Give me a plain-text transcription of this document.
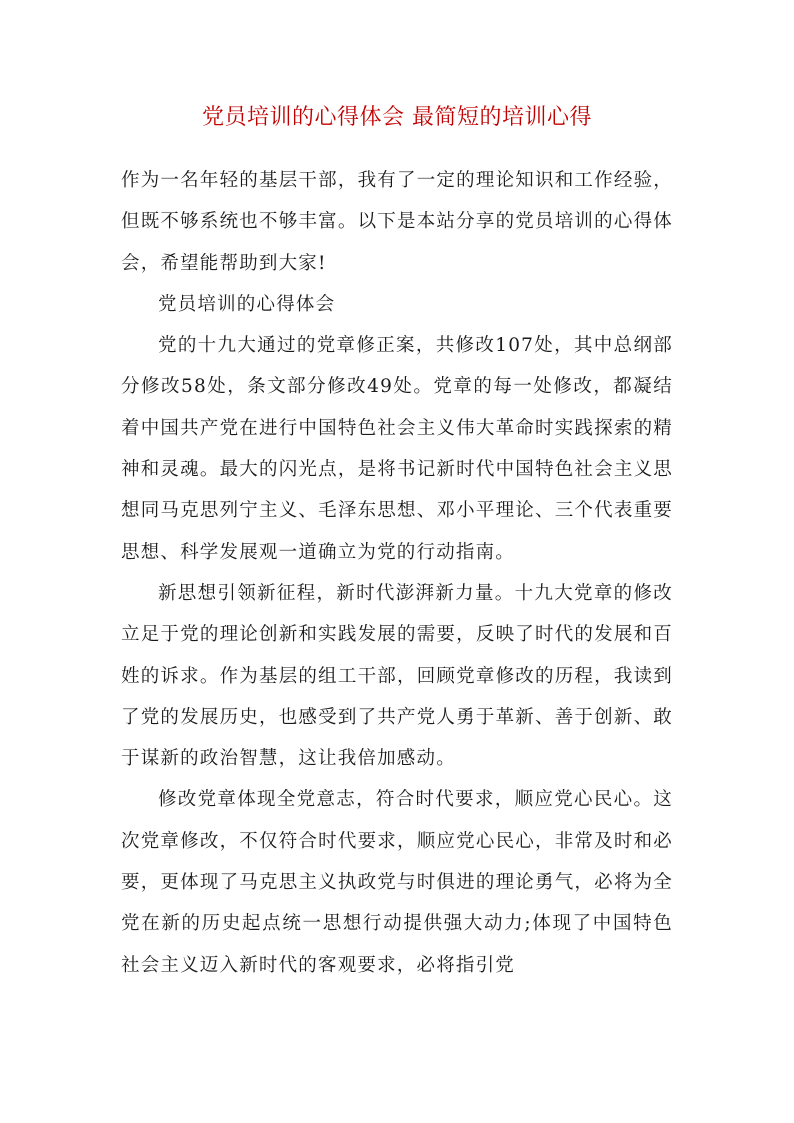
党员培训的心得体会 最简短的培训心得

作为一名年轻的基层干部，我有了一定的理论知识和工作经验，但既不够系统也不够丰富。以下是本站分享的党员培训的心得体会，希望能帮助到大家!

党员培训的心得体会

党的十九大通过的党章修正案，共修改107处，其中总纲部分修改58处，条文部分修改49处。党章的每一处修改，都凝结着中国共产党在进行中国特色社会主义伟大革命时实践探索的精神和灵魂。最大的闪光点，是将书记新时代中国特色社会主义思想同马克思列宁主义、毛泽东思想、邓小平理论、三个代表重要思想、科学发展观一道确立为党的行动指南。

新思想引领新征程，新时代澎湃新力量。十九大党章的修改立足于党的理论创新和实践发展的需要，反映了时代的发展和百姓的诉求。作为基层的组工干部，回顾党章修改的历程，我读到了党的发展历史，也感受到了共产党人勇于革新、善于创新、敢于谋新的政治智慧，这让我倍加感动。

修改党章体现全党意志，符合时代要求，顺应党心民心。这次党章修改，不仅符合时代要求，顺应党心民心，非常及时和必要，更体现了马克思主义执政党与时俱进的理论勇气，必将为全党在新的历史起点统一思想行动提供强大动力;体现了中国特色社会主义迈入新时代的客观要求，必将指引党
